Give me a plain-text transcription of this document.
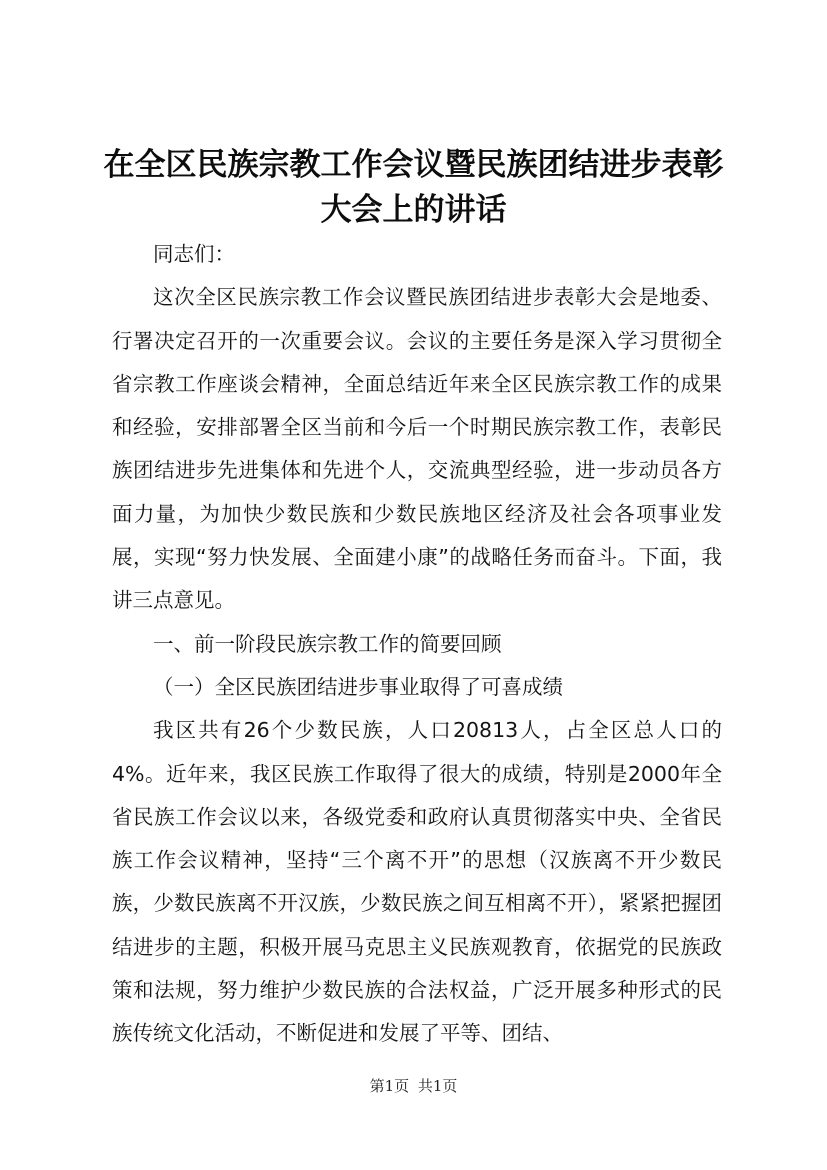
在全区民族宗教工作会议暨民族团结进步表彰
大会上的讲话

同志们：

这次全区民族宗教工作会议暨民族团结进步表彰大会是地委、行署决定召开的一次重要会议。会议的主要任务是深入学习贯彻全省宗教工作座谈会精神，全面总结近年来全区民族宗教工作的成果和经验，安排部署全区当前和今后一个时期民族宗教工作，表彰民族团结进步先进集体和先进个人，交流典型经验，进一步动员各方面力量，为加快少数民族和少数民族地区经济及社会各项事业发展，实现“努力快发展、全面建小康”的战略任务而奋斗。下面，我讲三点意见。

一、前一阶段民族宗教工作的简要回顾

（一）全区民族团结进步事业取得了可喜成绩

我区共有26个少数民族，人口20813人，占全区总人口的4%。近年来，我区民族工作取得了很大的成绩，特别是2000年全省民族工作会议以来，各级党委和政府认真贯彻落实中央、全省民族工作会议精神，坚持“三个离不开”的思想（汉族离不开少数民族，少数民族离不开汉族，少数民族之间互相离不开），紧紧把握团结进步的主题，积极开展马克思主义民族观教育，依据党的民族政策和法规，努力维护少数民族的合法权益，广泛开展多种形式的民族传统文化活动，不断促进和发展了平等、团结、

第1页 共1页
